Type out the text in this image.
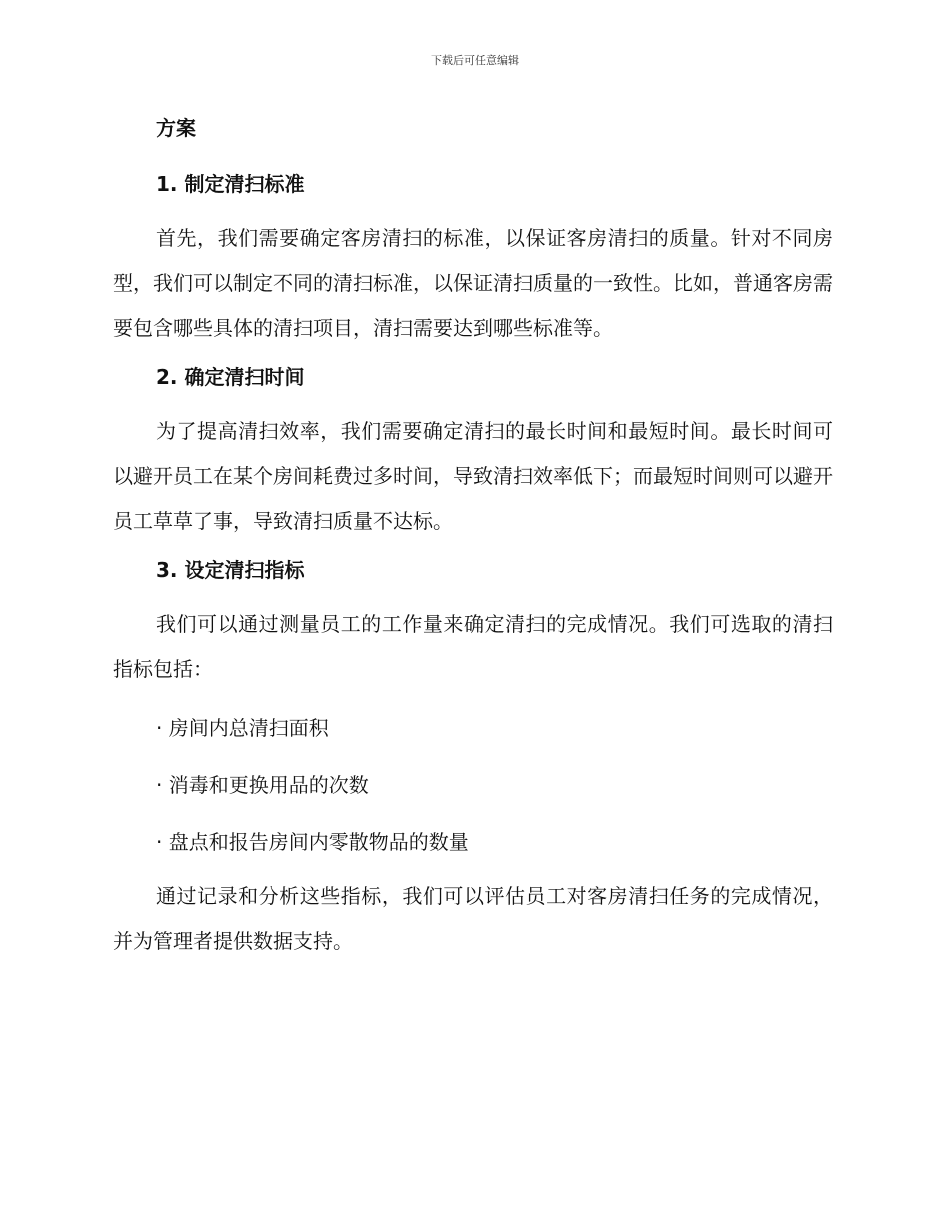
下载后可任意编辑
方案
1. 制定清扫标准

首先，我们需要确定客房清扫的标准，以保证客房清扫的质量。针对不同房型，我们可以制定不同的清扫标准，以保证清扫质量的一致性。比如，普通客房需要包含哪些具体的清扫项目，清扫需要达到哪些标准等。

2. 确定清扫时间

为了提高清扫效率，我们需要确定清扫的最长时间和最短时间。最长时间可以避开员工在某个房间耗费过多时间，导致清扫效率低下；而最短时间则可以避开员工草草了事，导致清扫质量不达标。

3. 设定清扫指标

我们可以通过测量员工的工作量来确定清扫的完成情况。我们可选取的清扫指标包括：

· 房间内总清扫面积

· 消毒和更换用品的次数

· 盘点和报告房间内零散物品的数量

通过记录和分析这些指标，我们可以评估员工对客房清扫任务的完成情况，并为管理者提供数据支持。
